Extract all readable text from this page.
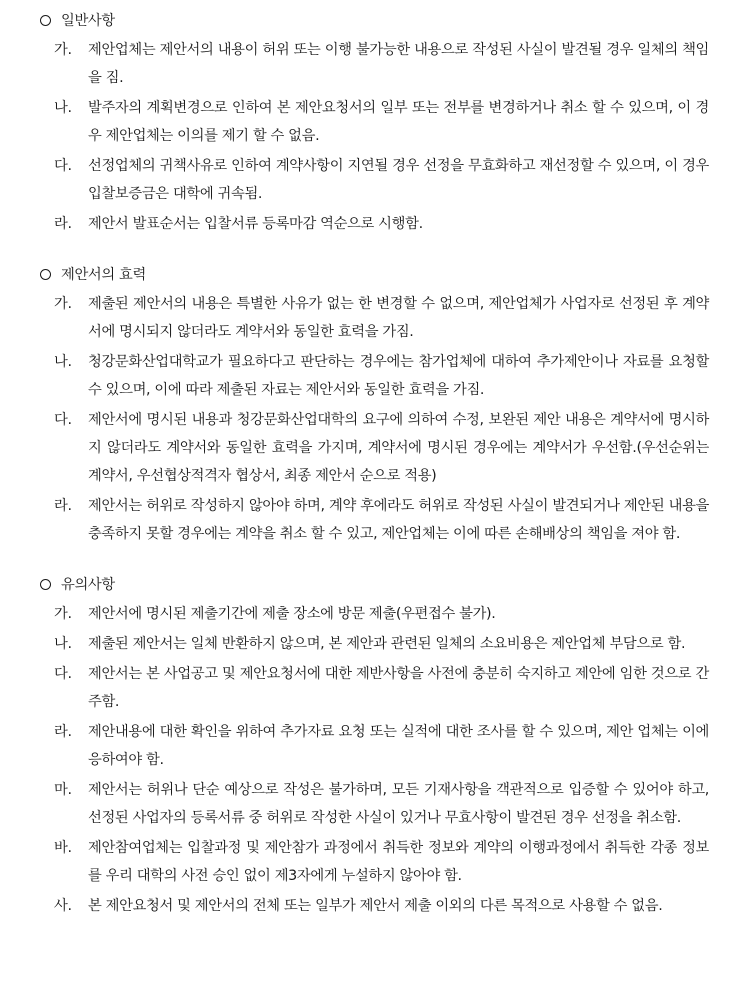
일반사항
가.	제안업체는 제안서의 내용이 허위 또는 이행 불가능한 내용으로 작성된 사실이 발견될 경우 일체의 책임을 짐.
나.	발주자의 계획변경으로 인하여 본 제안요청서의 일부 또는 전부를 변경하거나 취소 할 수 있으며, 이 경우 제안업체는 이의를 제기 할 수 없음.
다.	선정업체의 귀책사유로 인하여 계약사항이 지연될 경우 선정을 무효화하고 재선정할 수 있으며, 이 경우 입찰보증금은 대학에 귀속됨.
라.	제안서 발표순서는 입찰서류 등록마감 역순으로 시행함.
제안서의 효력
가.	제출된 제안서의 내용은 특별한 사유가 없는 한 변경할 수 없으며, 제안업체가 사업자로 선정된 후 계약서에 명시되지 않더라도 계약서와 동일한 효력을 가짐.
나.	청강문화산업대학교가 필요하다고 판단하는 경우에는 참가업체에 대하여 추가제안이나 자료를 요청할 수 있으며, 이에 따라 제출된 자료는 제안서와 동일한 효력을 가짐.
다.	제안서에 명시된 내용과 청강문화산업대학의 요구에 의하여 수정, 보완된 제안 내용은 계약서에 명시하지 않더라도 계약서와 동일한 효력을 가지며, 계약서에 명시된 경우에는 계약서가 우선함.(우선순위는 계약서, 우선협상적격자 협상서, 최종 제안서 순으로 적용)
라.	제안서는 허위로 작성하지 않아야 하며, 계약 후에라도 허위로 작성된 사실이 발견되거나 제안된 내용을 충족하지 못할 경우에는 계약을 취소 할 수 있고, 제안업체는 이에 따른 손해배상의 책임을 져야 함.
유의사항
가.	제안서에 명시된 제출기간에 제출 장소에 방문 제출(우편접수 불가).
나.	제출된 제안서는 일체 반환하지 않으며, 본 제안과 관련된 일체의 소요비용은 제안업체 부담으로 함.
다.	제안서는 본 사업공고 및 제안요청서에 대한 제반사항을 사전에 충분히 숙지하고 제안에 임한 것으로 간주함.
라.	제안내용에 대한 확인을 위하여 추가자료 요청 또는 실적에 대한 조사를 할 수 있으며, 제안 업체는 이에 응하여야 함.
마.	제안서는 허위나 단순 예상으로 작성은 불가하며, 모든 기재사항을 객관적으로 입증할 수 있어야 하고, 선정된 사업자의 등록서류 중 허위로 작성한 사실이 있거나 무효사항이 발견된 경우 선정을 취소함.
바.	제안참여업체는 입찰과정 및 제안참가 과정에서 취득한 정보와 계약의 이행과정에서 취득한 각종 정보를 우리 대학의 사전 승인 없이 제3자에게 누설하지 않아야 함.
사.	본 제안요청서 및 제안서의 전체 또는 일부가 제안서 제출 이외의 다른 목적으로 사용할 수 없음.
